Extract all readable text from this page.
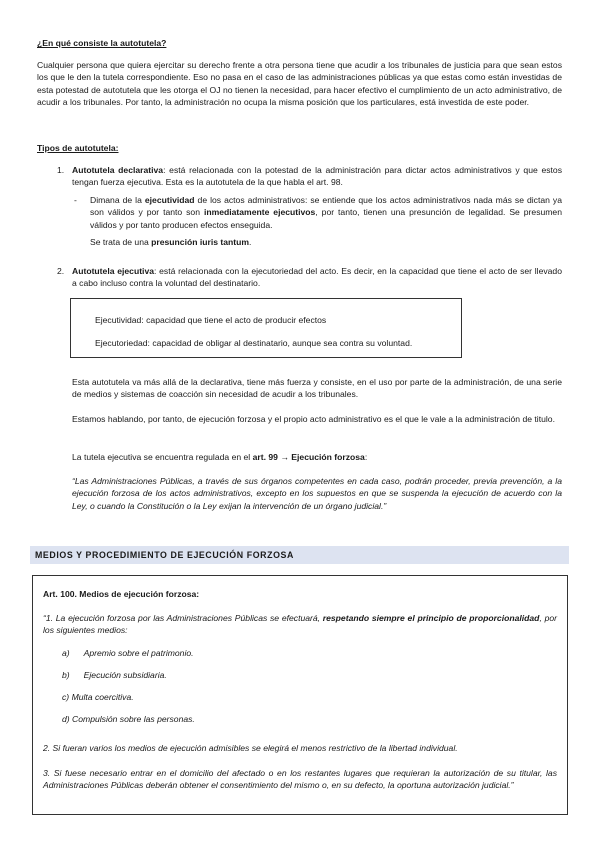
¿En qué consiste la autotutela?

Cualquier persona que quiera ejercitar su derecho frente a otra persona tiene que acudir a los tribunales de justicia para que sean estos los que le den la tutela correspondiente. Eso no pasa en el caso de las administraciones públicas ya que estas como están investidas de esta potestad de autotutela que les otorga el OJ no tienen la necesidad, para hacer efectivo el cumplimiento de un acto administrativo, de acudir a los tribunales. Por tanto, la administración no ocupa la misma posición que los particulares, está investida de este poder.

Tipos de autotutela:

1. Autotutela declarativa: está relacionada con la potestad de la administración para dictar actos administrativos y que estos tengan fuerza ejecutiva. Esta es la autotutela de la que habla el art. 98.

- Dimana de la ejecutividad de los actos administrativos: se entiende que los actos administrativos nada más se dictan ya son válidos y por tanto son inmediatamente ejecutivos, por tanto, tienen una presunción de legalidad. Se presumen válidos y por tanto producen efectos enseguida.

Se trata de una presunción iuris tantum.

2. Autotutela ejecutiva: está relacionada con la ejecutoriedad del acto. Es decir, en la capacidad que tiene el acto de ser llevado a cabo incluso contra la voluntad del destinatario.

Ejecutividad: capacidad que tiene el acto de producir efectos

Ejecutoriedad: capacidad de obligar al destinatario, aunque sea contra su voluntad.

Esta autotutela va más allá de la declarativa, tiene más fuerza y consiste, en el uso por parte de la administración, de una serie de medios y sistemas de coacción sin necesidad de acudir a los tribunales.

Estamos hablando, por tanto, de ejecución forzosa y el propio acto administrativo es el que le vale a la administración de titulo.

La tutela ejecutiva se encuentra regulada en el art. 99 → Ejecución forzosa:

“Las Administraciones Públicas, a través de sus órganos competentes en cada caso, podrán proceder, previa prevención, a la ejecución forzosa de los actos administrativos, excepto en los supuestos en que se suspenda la ejecución de acuerdo con la Ley, o cuando la Constitución o la Ley exijan la intervención de un órgano judicial.”

MEDIOS Y PROCEDIMIENTO DE EJECUCIÓN FORZOSA

Art. 100. Medios de ejecución forzosa:

“1. La ejecución forzosa por las Administraciones Públicas se efectuará, respetando siempre el principio de proporcionalidad, por los siguientes medios:

a) Apremio sobre el patrimonio.

b) Ejecución subsidiaria.

c) Multa coercitiva.

d) Compulsión sobre las personas.

2. Si fueran varios los medios de ejecución admisibles se elegirá el menos restrictivo de la libertad individual.

3. Si fuese necesario entrar en el domicilio del afectado o en los restantes lugares que requieran la autorización de su titular, las Administraciones Públicas deberán obtener el consentimiento del mismo o, en su defecto, la oportuna autorización judicial.”
